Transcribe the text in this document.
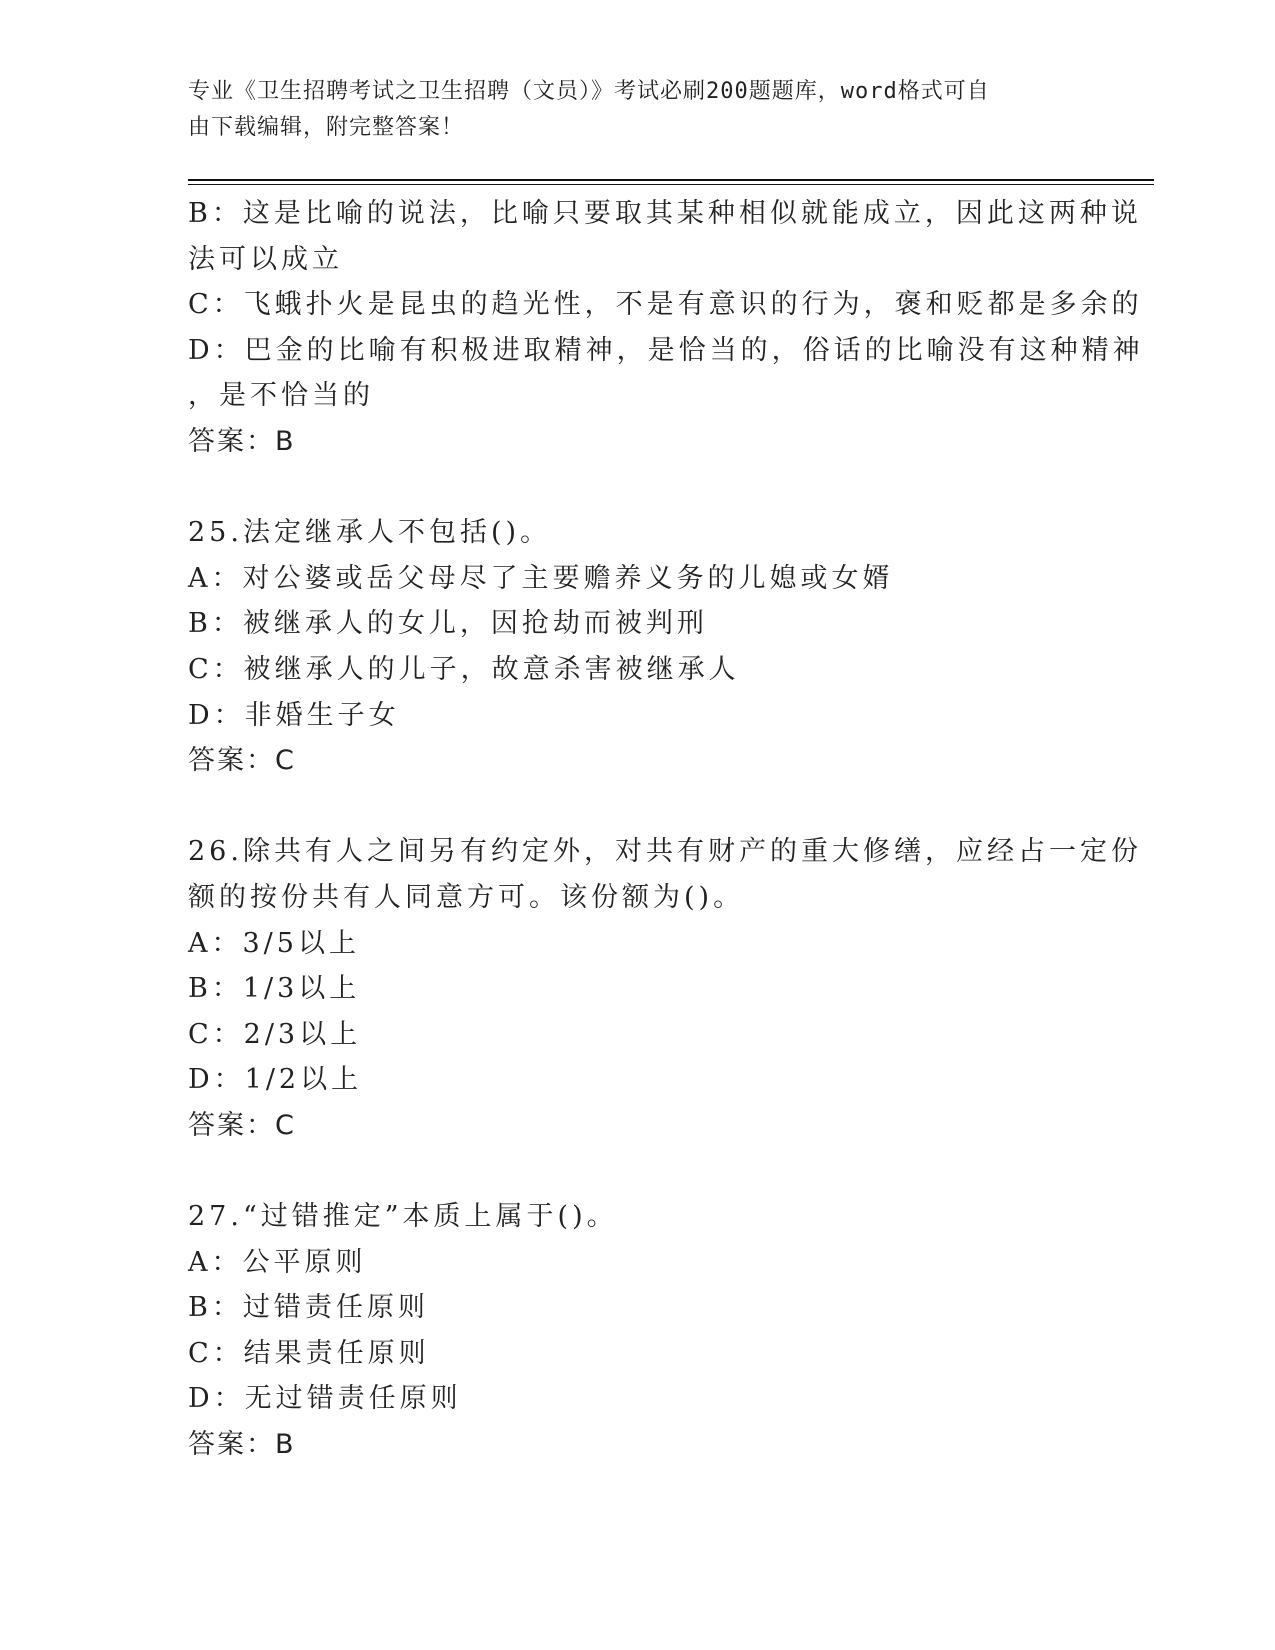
专业《卫生招聘考试之卫生招聘（文员）》考试必刷200题题库，word格式可自
由下载编辑，附完整答案！
B：这是比喻的说法，比喻只要取其某种相似就能成立，因此这两种说
法可以成立
C：飞蛾扑火是昆虫的趋光性，不是有意识的行为，褒和贬都是多余的
D：巴金的比喻有积极进取精神，是恰当的，俗话的比喻没有这种精神
，是不恰当的
答案：B
25.法定继承人不包括()。
A：对公婆或岳父母尽了主要赡养义务的儿媳或女婿
B：被继承人的女儿，因抢劫而被判刑
C：被继承人的儿子，故意杀害被继承人
D：非婚生子女
答案：C
26.除共有人之间另有约定外，对共有财产的重大修缮，应经占一定份
额的按份共有人同意方可。该份额为()。
A：3/5以上
B：1/3以上
C：2/3以上
D：1/2以上
答案：C
27.“过错推定”本质上属于()。
A：公平原则
B：过错责任原则
C：结果责任原则
D：无过错责任原则
答案：B
